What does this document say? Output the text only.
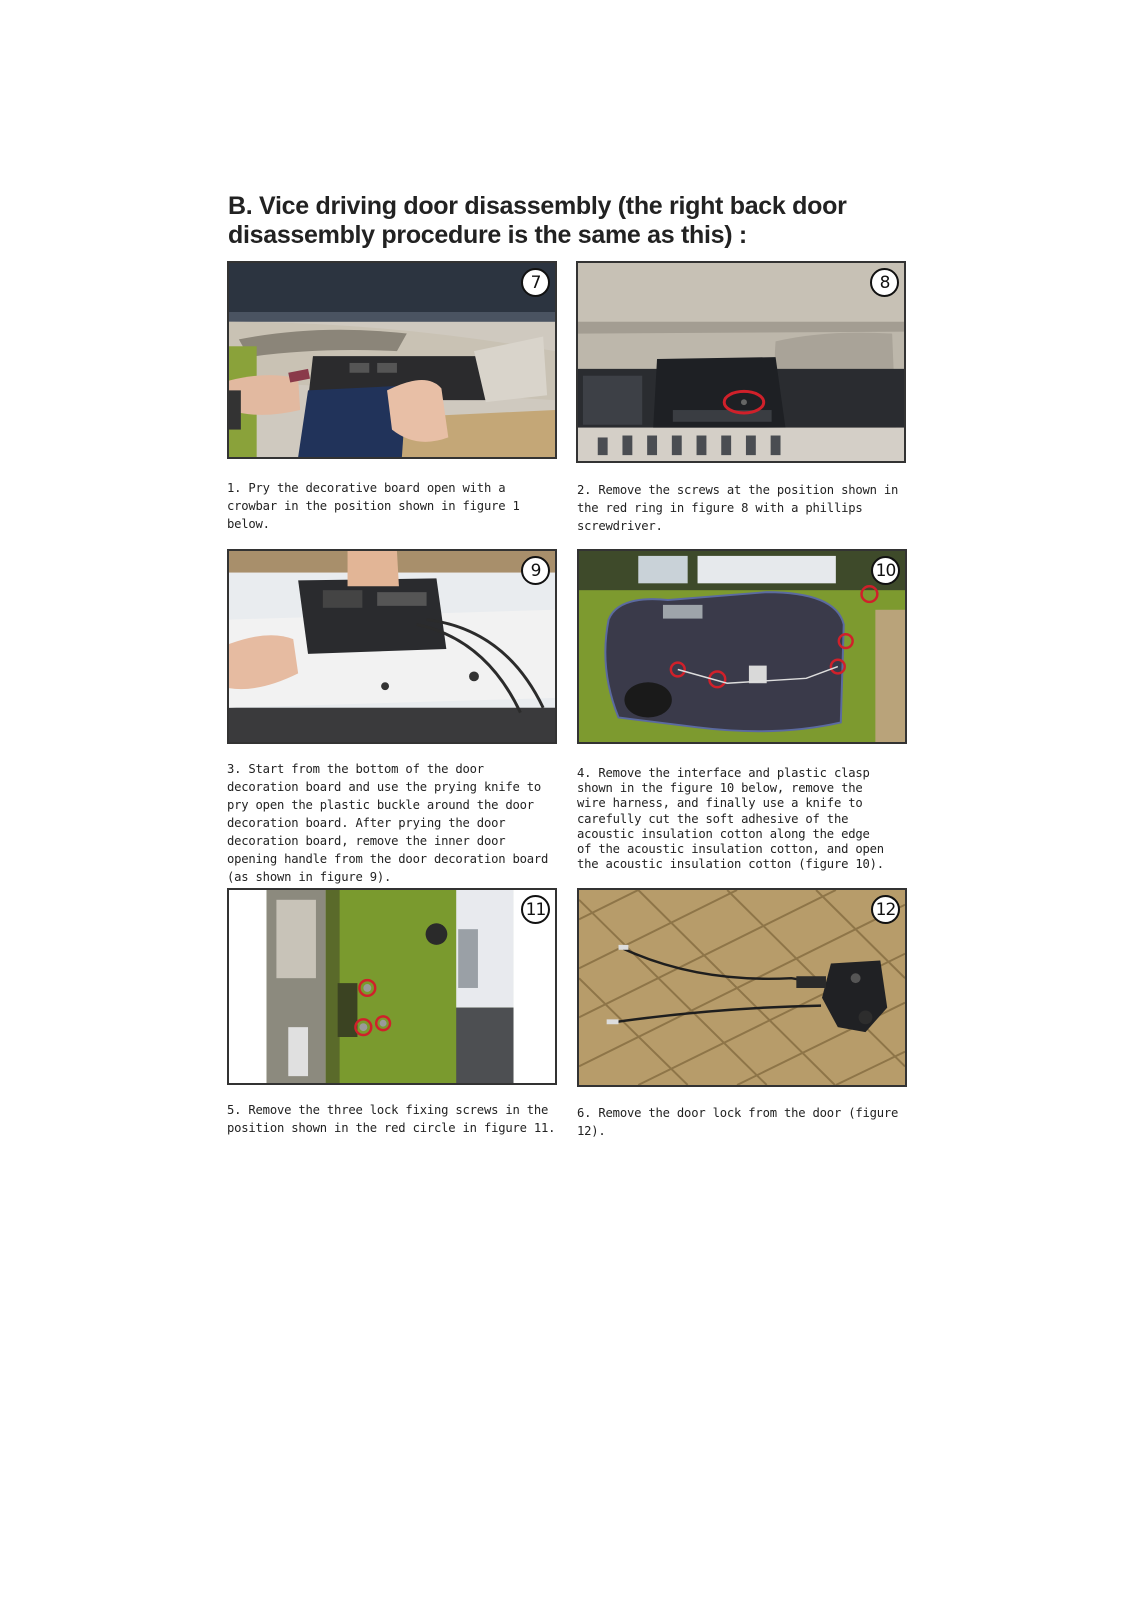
B. Vice driving door disassembly (the right back door disassembly procedure is the same as this) :
7	8

1. Pry the decorative board open with a crowbar in the position shown in figure 1 below.

2. Remove the screws at the position shown in the red ring in figure 8 with a phillips screwdriver.

9	10

3. Start from the bottom of the door decoration board and use the prying knife to pry open the plastic buckle around the door decoration board. After prying the door decoration board, remove the inner door opening handle from the door decoration board (as shown in figure 9).

4. Remove the interface and plastic clasp shown in the figure 10 below, remove the wire harness, and finally use a knife to carefully cut the soft adhesive of the acoustic insulation cotton along the edge of the acoustic insulation cotton, and open the acoustic insulation cotton (figure 10).

11	12

5. Remove the three lock fixing screws in the position shown in the red circle in figure 11.

6. Remove the door lock from the door (figure 12).
